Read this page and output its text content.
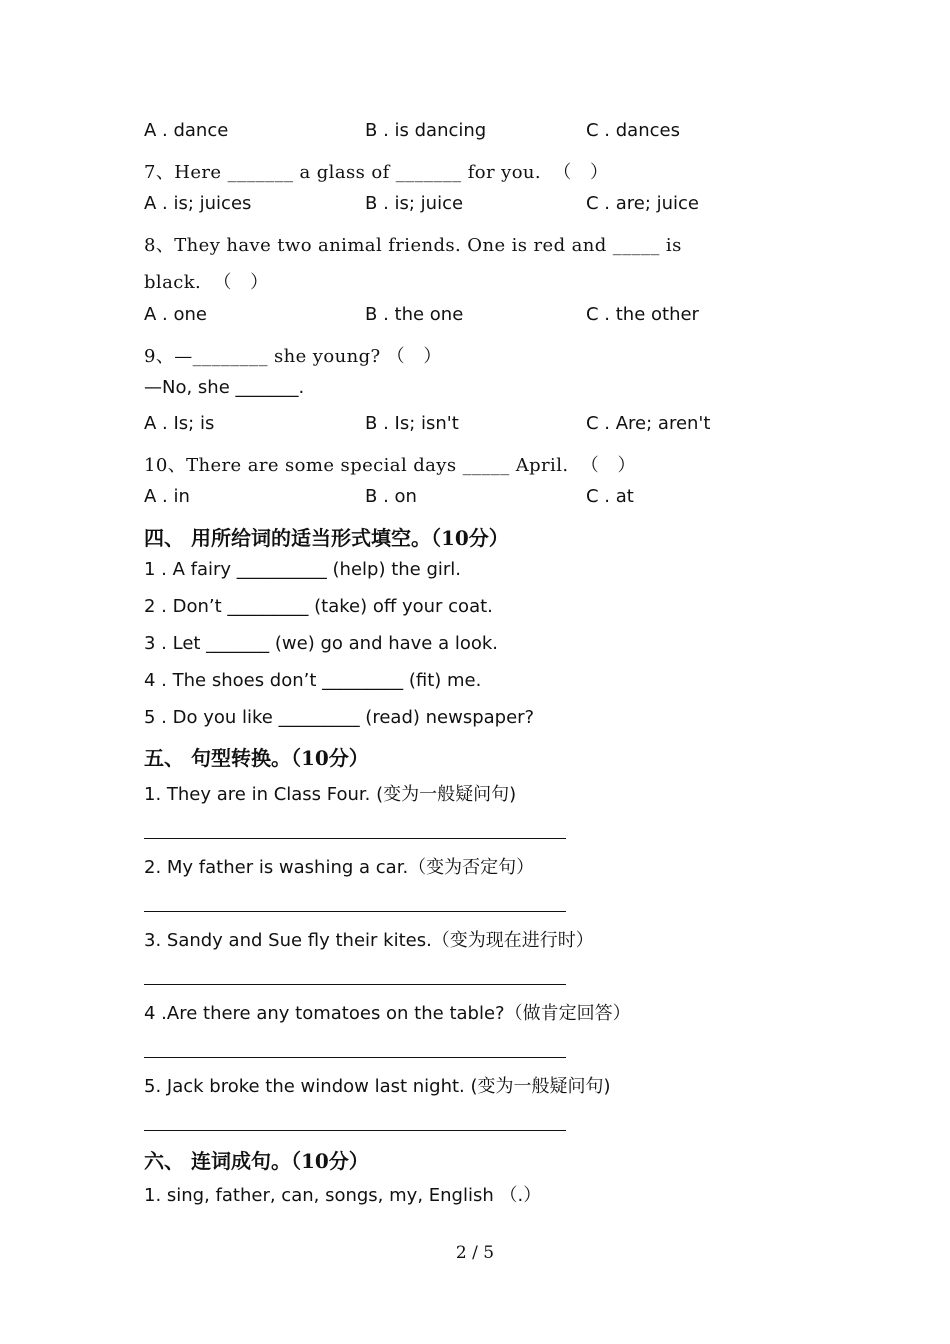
A . dance	B . is dancing	C . dances
7、Here _______ a glass of _______ for you.  （   ）
A . is; juices	B . is; juice	C . are; juice
8、They have two animal friends. One is red and _____ is
black.  （   ）
A . one	B . the one	C . the other
9、—________ she young? （   ）
—No, she _______.
A . Is; is	B . Is; isn't	C . Are; aren't
10、There are some special days _____ April.  （   ）
A . in	B . on	C . at
四、 用所给词的适当形式填空。（10分）
1 . A fairy __________ (help) the girl.
2 . Don’t _________ (take) off your coat.
3 . Let _______ (we) go and have a look.
4 . The shoes don’t _________ (fit) me.
5 . Do you like _________ (read) newspaper?
五、 句型转换。（10分）
1. They are in Class Four. (变为一般疑问句)
2. My father is washing a car.（变为否定句）
3. Sandy and Sue fly their kites.（变为现在进行时）
4 .Are there any tomatoes on the table?（做肯定回答）
5. Jack broke the window last night. (变为一般疑问句)
六、 连词成句。（10分）
1. sing, father, can, songs, my, English （.）
2 / 5
